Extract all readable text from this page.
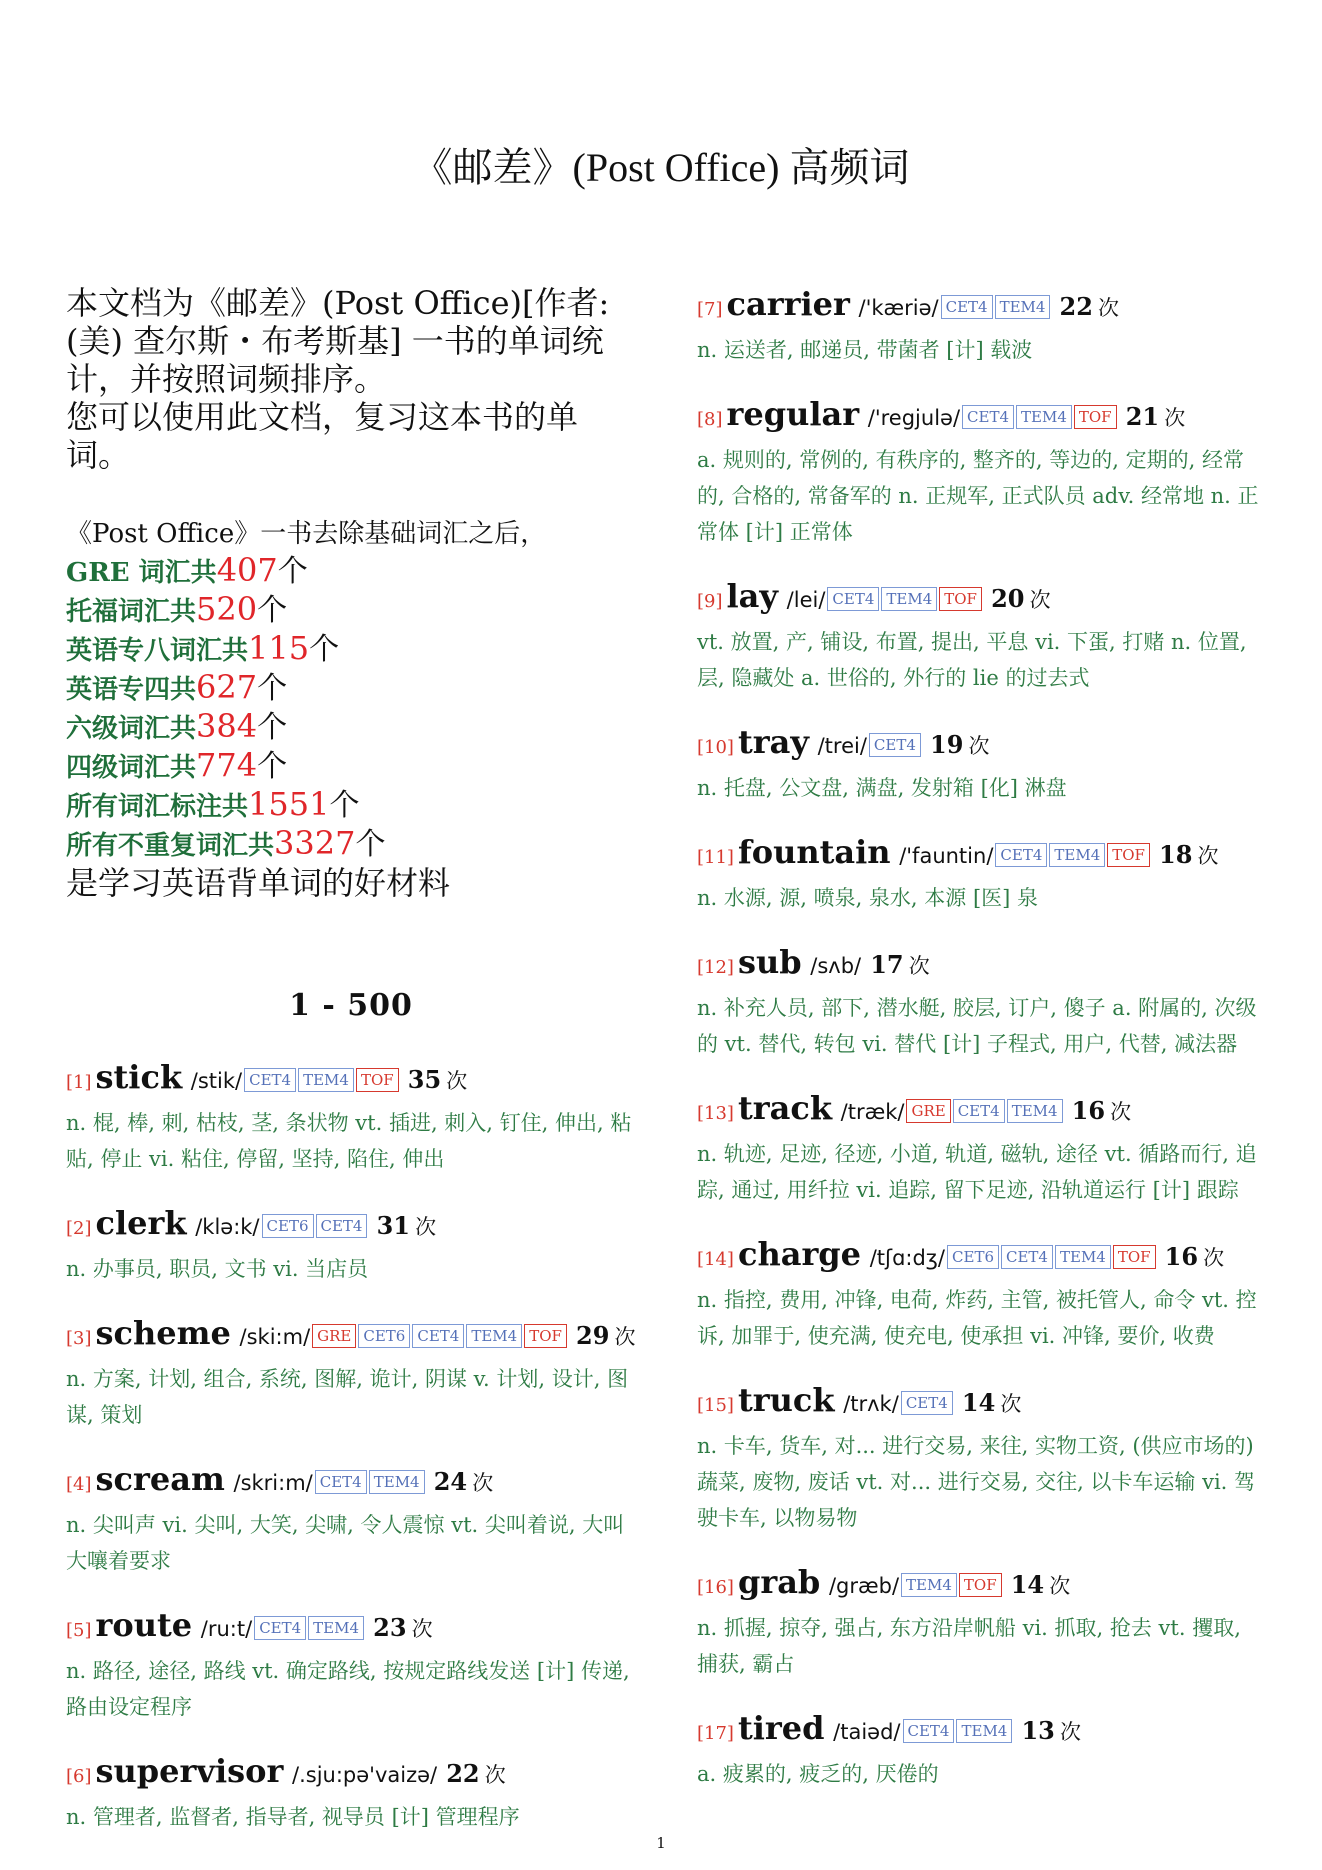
《邮差》(Post Office) 高频词

本文档为《邮差》(Post Office)[作者:(美) 查尔斯・布考斯基] 一书的单词统计，并按照词频排序。

您可以使用此文档，复习这本书的单词。

《Post Office》一书去除基础词汇之后，
GRE 词汇共407个
托福词汇共520个
英语专八词汇共115个
英语专四共627个
六级词汇共384个
四级词汇共774个
所有词汇标注共1551个
所有不重复词汇共3327个
是学习英语背单词的好材料
1 - 500
[1] stick /stik/ CET4 TEM4 TOF 35 次
n. 棍, 棒, 刺, 枯枝, 茎, 条状物 vt. 插进, 刺入, 钉住, 伸出, 粘贴, 停止 vi. 粘住, 停留, 坚持, 陷住, 伸出
[2] clerk /klə:k/ CET6 CET4 31 次
n. 办事员, 职员, 文书 vi. 当店员
[3] scheme /ski:m/ GRE CET6 CET4 TEM4 TOF 29 次
n. 方案, 计划, 组合, 系统, 图解, 诡计, 阴谋 v. 计划, 设计, 图谋, 策划
[4] scream /skri:m/ CET4 TEM4 24 次
n. 尖叫声 vi. 尖叫, 大笑, 尖啸, 令人震惊 vt. 尖叫着说, 大叫大嚷着要求
[5] route /ru:t/ CET4 TEM4 23 次
n. 路径, 途径, 路线 vt. 确定路线, 按规定路线发送 [计] 传递, 路由设定程序
[6] supervisor /.sju:pə'vaizə/ 22 次
n. 管理者, 监督者, 指导者, 视导员 [计] 管理程序
[7] carrier /'kæriə/ CET4 TEM4 22 次
n. 运送者, 邮递员, 带菌者 [计] 载波
[8] regular /'regjulə/ CET4 TEM4 TOF 21 次
a. 规则的, 常例的, 有秩序的, 整齐的, 等边的, 定期的, 经常的, 合格的, 常备军的 n. 正规军, 正式队员 adv. 经常地 n. 正常体 [计] 正常体
[9] lay /lei/ CET4 TEM4 TOF 20 次
vt. 放置, 产, 铺设, 布置, 提出, 平息 vi. 下蛋, 打赌 n. 位置, 层, 隐藏处 a. 世俗的, 外行的 lie 的过去式
[10] tray /trei/ CET4 19 次
n. 托盘, 公文盘, 满盘, 发射箱 [化] 淋盘
[11] fountain /'fauntin/ CET4 TEM4 TOF 18 次
n. 水源, 源, 喷泉, 泉水, 本源 [医] 泉
[12] sub /sʌb/ 17 次
n. 补充人员, 部下, 潜水艇, 胶层, 订户, 傻子 a. 附属的, 次级的 vt. 替代, 转包 vi. 替代 [计] 子程式, 用户, 代替, 减法器
[13] track /træk/ GRE CET4 TEM4 16 次
n. 轨迹, 足迹, 径迹, 小道, 轨道, 磁轨, 途径 vt. 循路而行, 追踪, 通过, 用纤拉 vi. 追踪, 留下足迹, 沿轨道运行 [计] 跟踪
[14] charge /tʃɑ:dʒ/ CET6 CET4 TEM4 TOF 16 次
n. 指控, 费用, 冲锋, 电荷, 炸药, 主管, 被托管人, 命令 vt. 控诉, 加罪于, 使充满, 使充电, 使承担 vi. 冲锋, 要价, 收费
[15] truck /trʌk/ CET4 14 次
n. 卡车, 货车, 对... 进行交易, 来往, 实物工资, (供应市场的) 蔬菜, 废物, 废话 vt. 对... 进行交易, 交往, 以卡车运输 vi. 驾驶卡车, 以物易物
[16] grab /græb/ TEM4 TOF 14 次
n. 抓握, 掠夺, 强占, 东方沿岸帆船 vi. 抓取, 抢去 vt. 攫取, 捕获, 霸占
[17] tired /taiəd/ CET4 TEM4 13 次
a. 疲累的, 疲乏的, 厌倦的
1
